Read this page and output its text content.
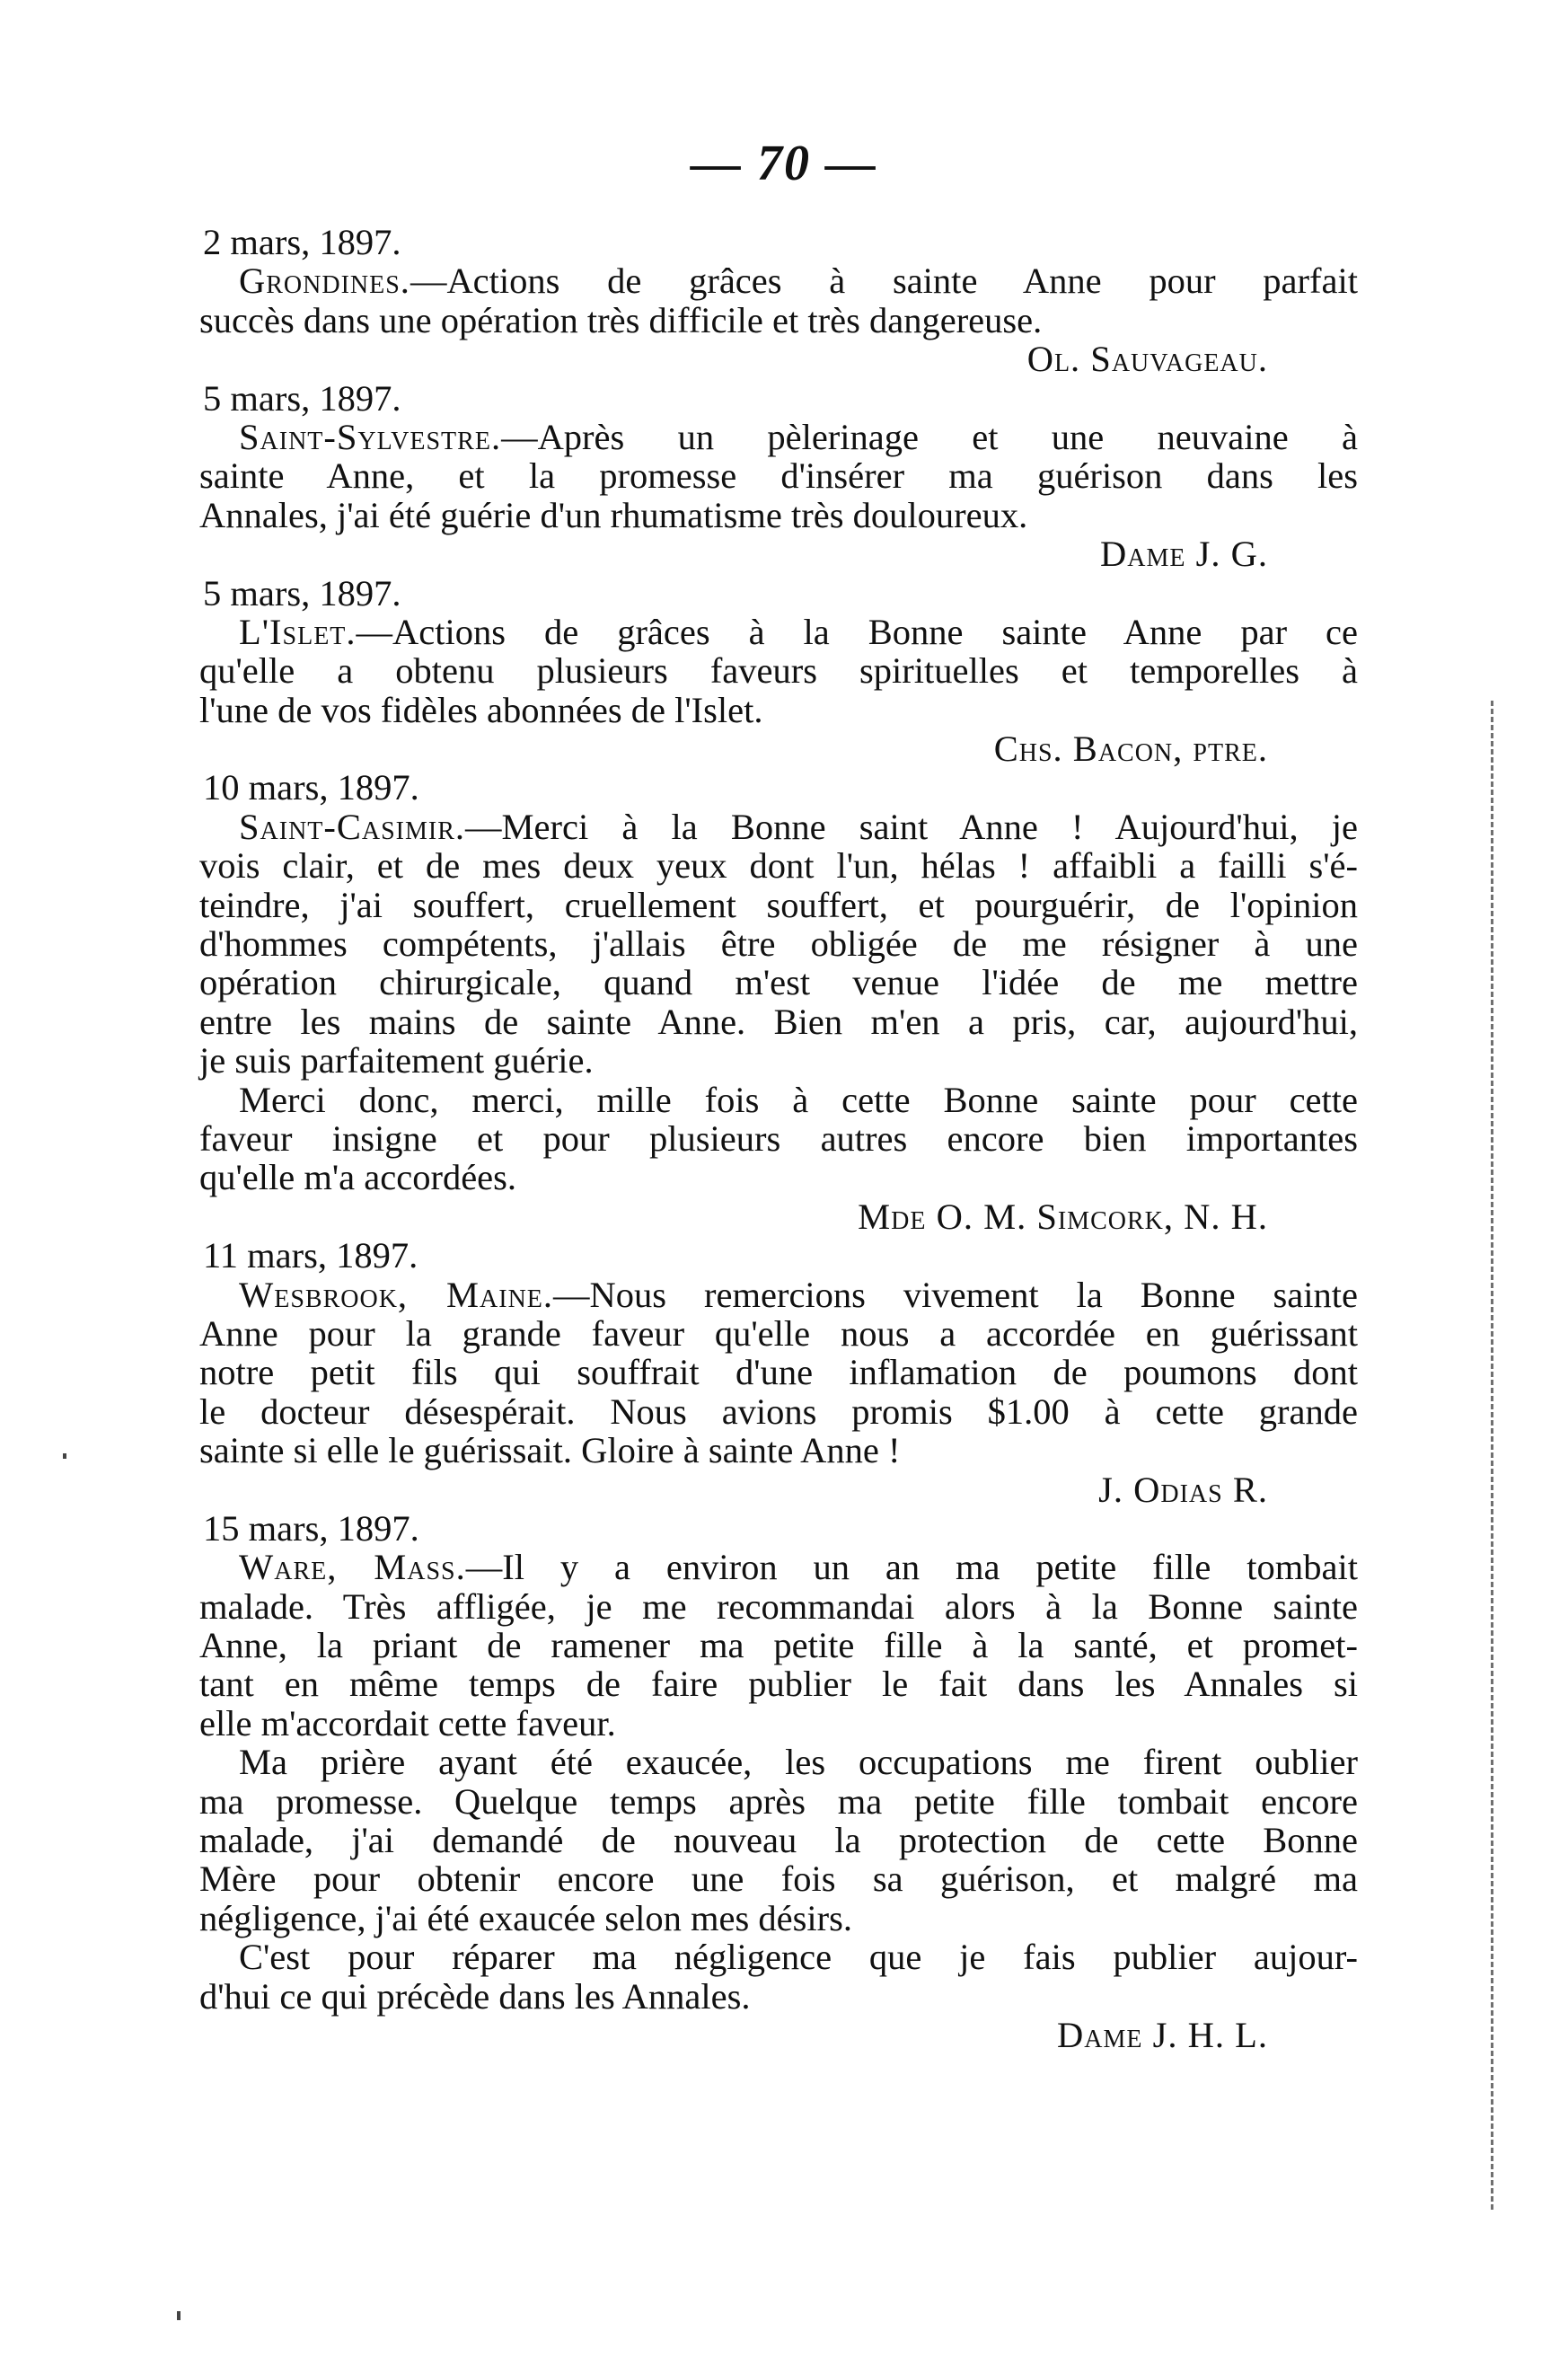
— 70 —
2 mars, 1897.
Grondines.—Actions de grâces à sainte Anne pour parfait
succès dans une opération très difficile et très dangereuse.
Ol. Sauvageau.
5 mars, 1897.
Saint-Sylvestre.—Après un pèlerinage et une neuvaine à
sainte Anne, et la promesse d'insérer ma guérison dans les
Annales, j'ai été guérie d'un rhumatisme très douloureux.
Dame J. G.
5 mars, 1897.
L'Islet.—Actions de grâces à la Bonne sainte Anne par ce
qu'elle a obtenu plusieurs faveurs spirituelles et temporelles à
l'une de vos fidèles abonnées de l'Islet.
Chs. Bacon, ptre.
10 mars, 1897.
Saint-Casimir.—Merci à la Bonne saint Anne ! Aujourd'hui, je
vois clair, et de mes deux yeux dont l'un, hélas ! affaibli a failli s'é-
teindre, j'ai souffert, cruellement souffert, et pourguérir, de l'opinion
d'hommes compétents, j'allais être obligée de me résigner à une
opération chirurgicale, quand m'est venue l'idée de me mettre
entre les mains de sainte Anne. Bien m'en a pris, car, aujourd'hui,
je suis parfaitement guérie.
Merci donc, merci, mille fois à cette Bonne sainte pour cette
faveur insigne et pour plusieurs autres encore bien importantes
qu'elle m'a accordées.
Mde O. M. Simcork, N. H.
11 mars, 1897.
Wesbrook, Maine.—Nous remercions vivement la Bonne sainte
Anne pour la grande faveur qu'elle nous a accordée en guérissant
notre petit fils qui souffrait d'une inflamation de poumons dont
le docteur désespérait. Nous avions promis $1.00 à cette grande
sainte si elle le guérissait. Gloire à sainte Anne !
J. Odias R.
15 mars, 1897.
Ware, Mass.—Il y a environ un an ma petite fille tombait
malade. Très affligée, je me recommandai alors à la Bonne sainte
Anne, la priant de ramener ma petite fille à la santé, et promet-
tant en même temps de faire publier le fait dans les Annales si
elle m'accordait cette faveur.
Ma prière ayant été exaucée, les occupations me firent oublier
ma promesse. Quelque temps après ma petite fille tombait encore
malade, j'ai demandé de nouveau la protection de cette Bonne
Mère pour obtenir encore une fois sa guérison, et malgré ma
négligence, j'ai été exaucée selon mes désirs.
C'est pour réparer ma négligence que je fais publier aujour-
d'hui ce qui précède dans les Annales.
Dame J. H. L.
